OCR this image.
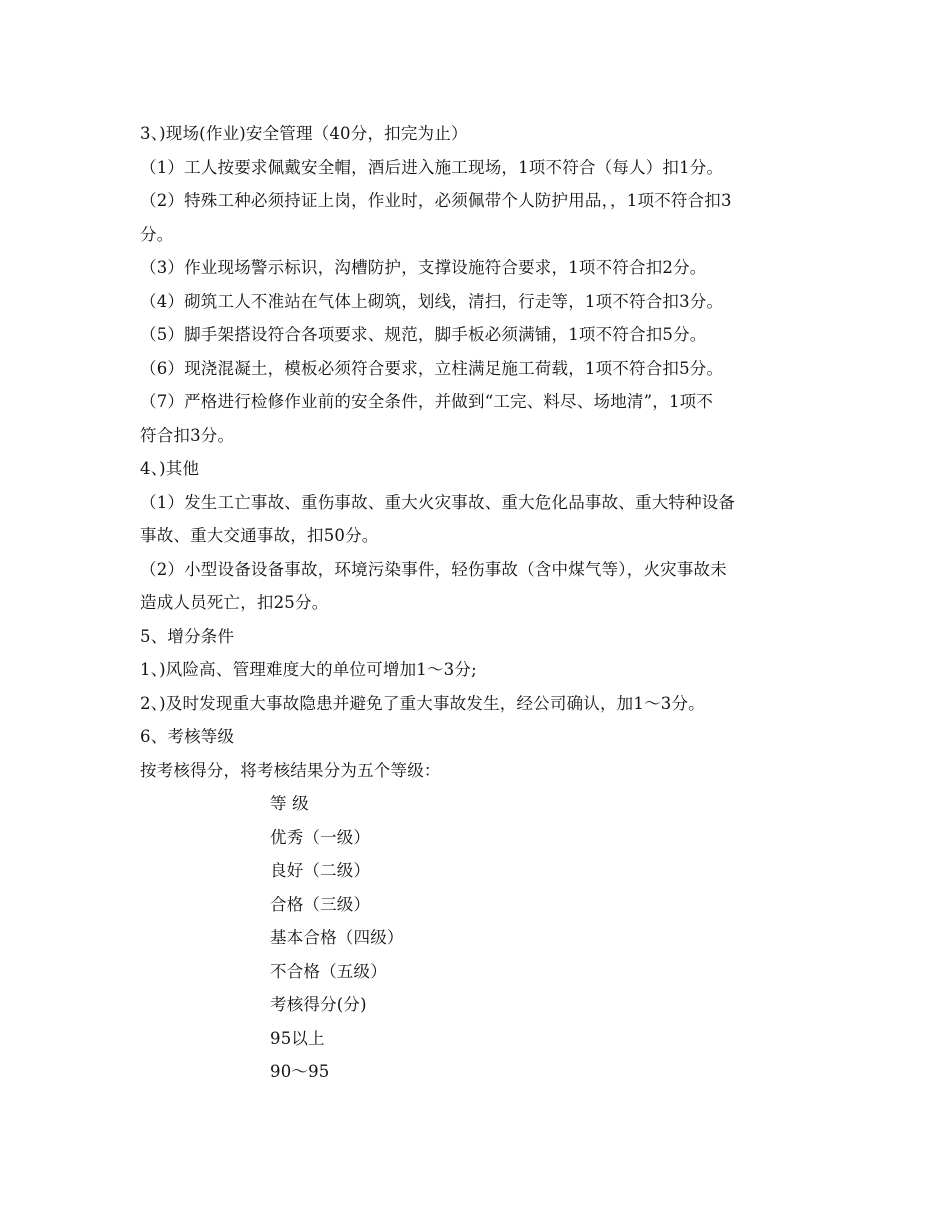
3、)现场(作业)安全管理（40分，扣完为止）
（1）工人按要求佩戴安全帽，酒后进入施工现场，1项不符合（每人）扣1分。
（2）特殊工种必须持证上岗，作业时，必须佩带个人防护用品，，1项不符合扣3
分。
（3）作业现场警示标识，沟槽防护，支撑设施符合要求，1项不符合扣2分。
（4）砌筑工人不准站在气体上砌筑，划线，清扫，行走等，1项不符合扣3分。
（5）脚手架搭设符合各项要求、规范，脚手板必须满铺，1项不符合扣5分。
（6）现浇混凝土，模板必须符合要求，立柱满足施工荷载，1项不符合扣5分。
（7）严格进行检修作业前的安全条件，并做到“工完、料尽、场地清”，1项不
符合扣3分。
4、)其他
（1）发生工亡事故、重伤事故、重大火灾事故、重大危化品事故、重大特种设备
事故、重大交通事故，扣50分。
（2）小型设备设备事故，环境污染事件，轻伤事故（含中煤气等），火灾事故未
造成人员死亡，扣25分。
5、增分条件
1、)风险高、管理难度大的单位可增加1～3分;
2、)及时发现重大事故隐患并避免了重大事故发生，经公司确认，加1～3分。
6、考核等级
按考核得分，将考核结果分为五个等级：
等 级
优秀（一级）
良好（二级）
合格（三级）
基本合格（四级）
不合格（五级）
考核得分(分)
95以上
90～95
